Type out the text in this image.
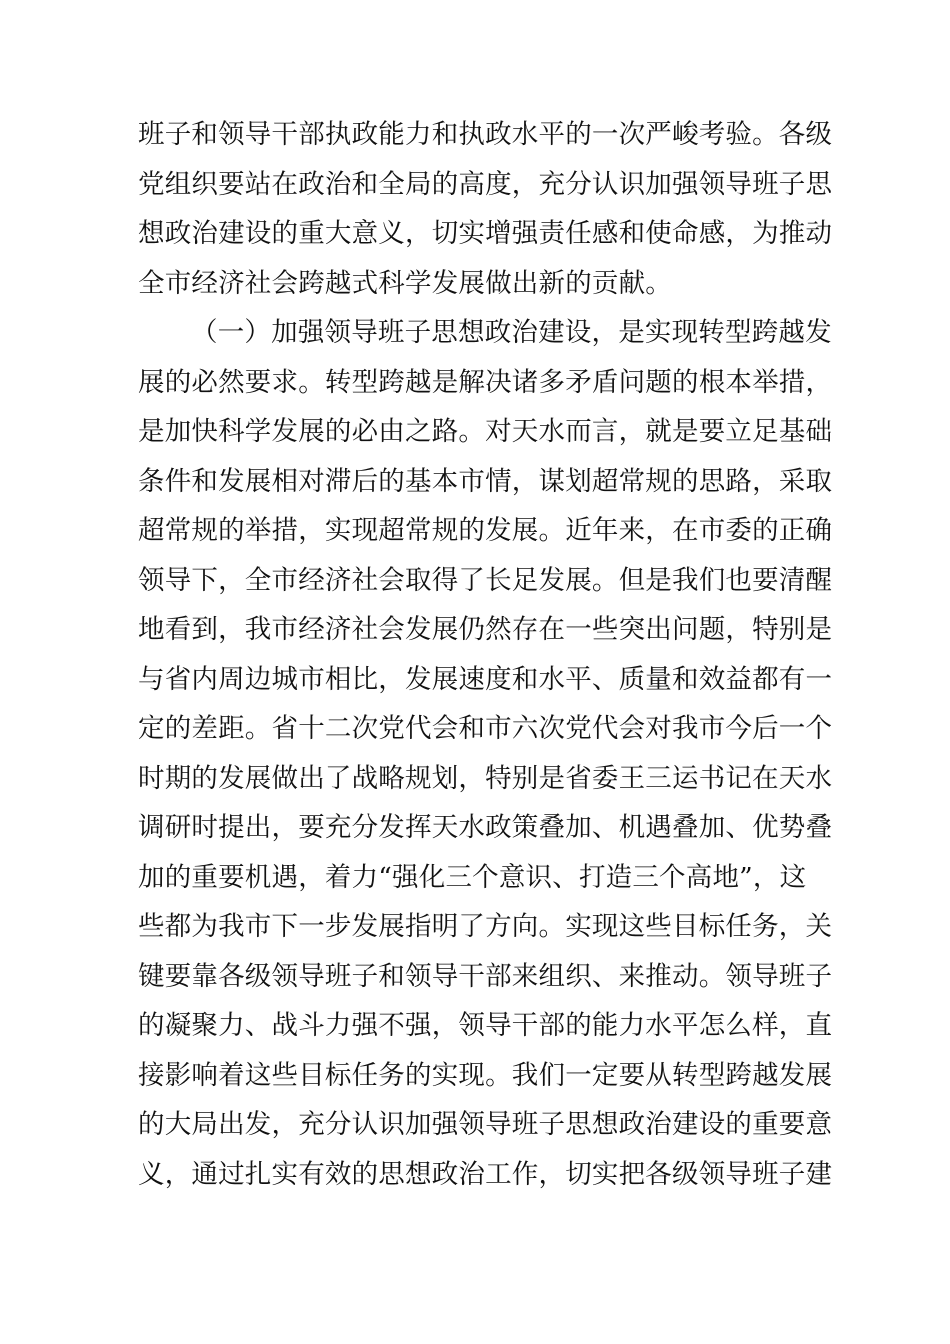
班子和领导干部执政能力和执政水平的一次严峻考验。各级
党组织要站在政治和全局的高度，充分认识加强领导班子思
想政治建设的重大意义，切实增强责任感和使命感，为推动
全市经济社会跨越式科学发展做出新的贡献。
（一）加强领导班子思想政治建设，是实现转型跨越发
展的必然要求。转型跨越是解决诸多矛盾问题的根本举措，
是加快科学发展的必由之路。对天水而言，就是要立足基础
条件和发展相对滞后的基本市情，谋划超常规的思路，采取
超常规的举措，实现超常规的发展。近年来，在市委的正确
领导下，全市经济社会取得了长足发展。但是我们也要清醒
地看到，我市经济社会发展仍然存在一些突出问题，特别是
与省内周边城市相比，发展速度和水平、质量和效益都有一
定的差距。省十二次党代会和市六次党代会对我市今后一个
时期的发展做出了战略规划，特别是省委王三运书记在天水
调研时提出，要充分发挥天水政策叠加、机遇叠加、优势叠
加的重要机遇，着力“强化三个意识、打造三个高地”，这
些都为我市下一步发展指明了方向。实现这些目标任务，关
键要靠各级领导班子和领导干部来组织、来推动。领导班子
的凝聚力、战斗力强不强，领导干部的能力水平怎么样，直
接影响着这些目标任务的实现。我们一定要从转型跨越发展
的大局出发，充分认识加强领导班子思想政治建设的重要意
义，通过扎实有效的思想政治工作，切实把各级领导班子建
